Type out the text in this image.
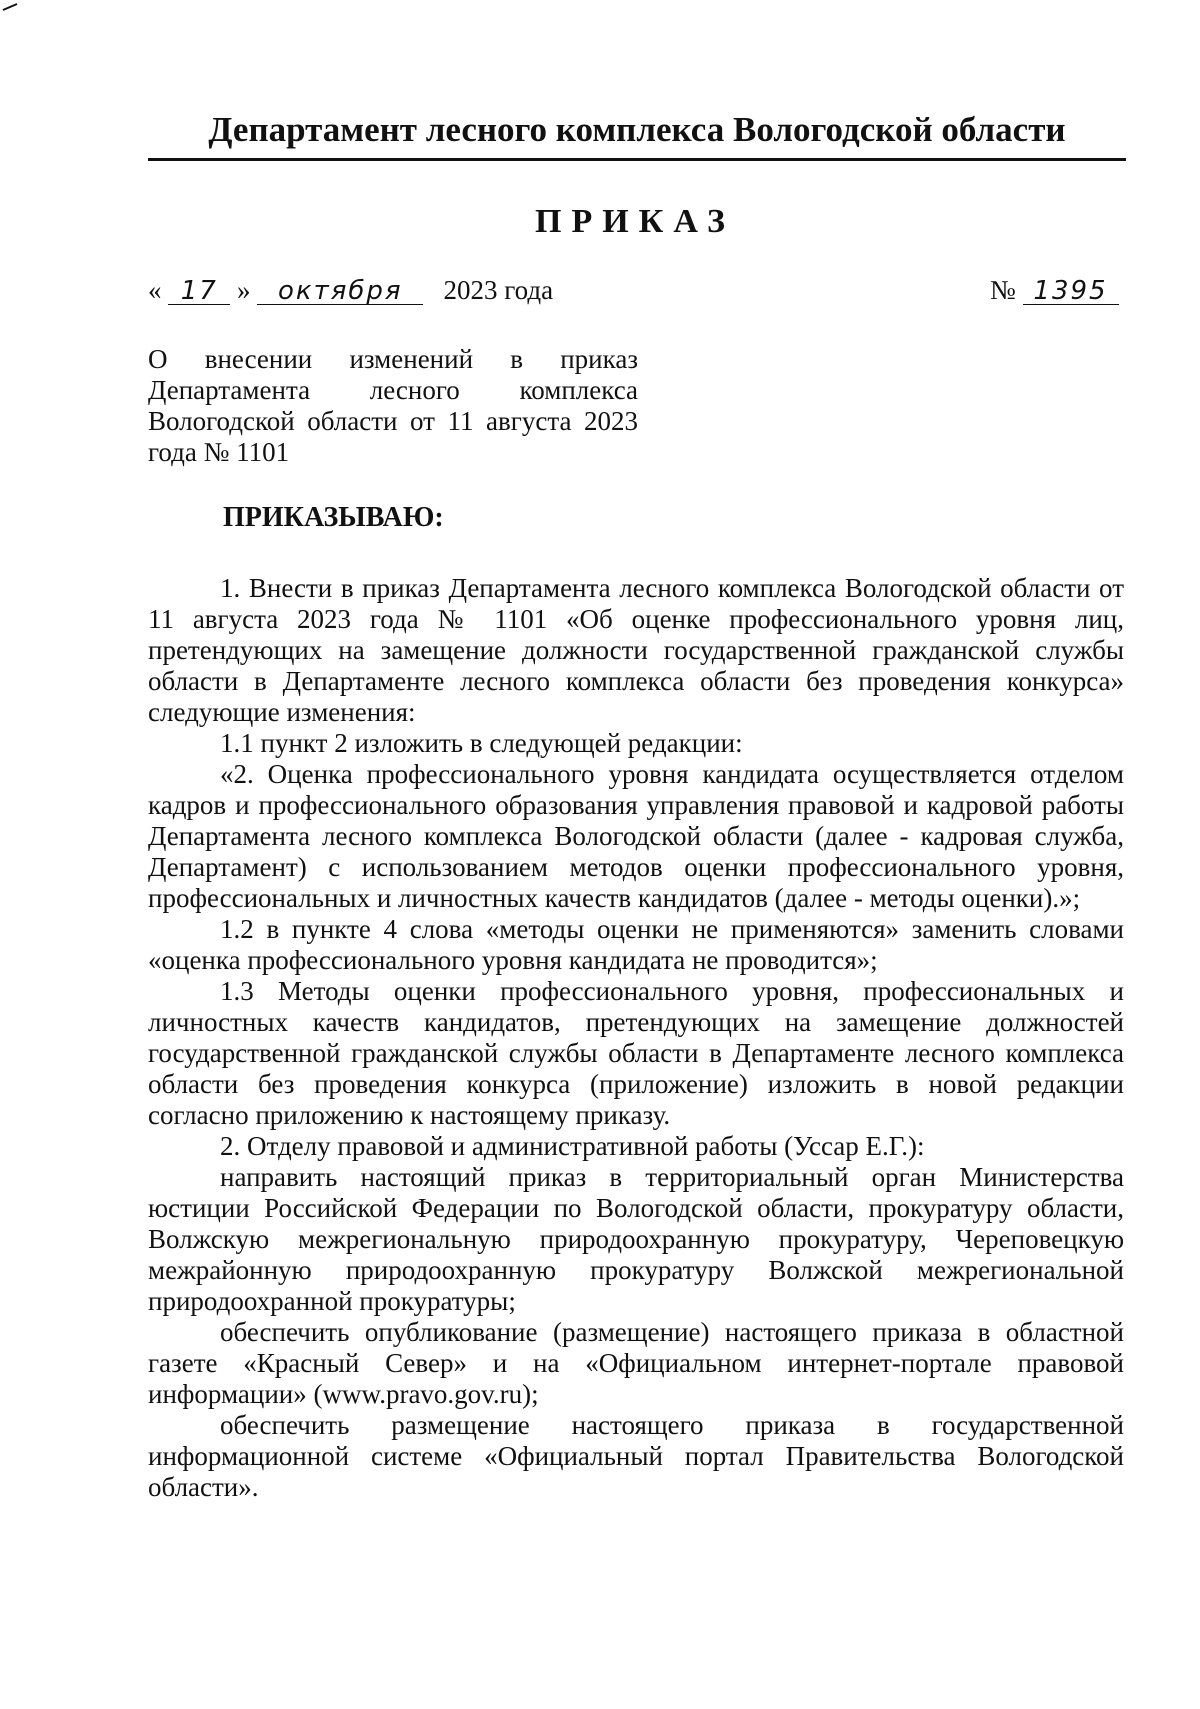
Департамент лесного комплекса Вологодской области
ПРИКАЗ
« 17 » октября 2023 года	№ 1395
О внесении изменений в приказ Департамента лесного комплекса Вологодской области от 11 августа 2023 года № 1101
ПРИКАЗЫВАЮ:

1. Внести в приказ Департамента лесного комплекса Вологодской области от 11 августа 2023 года № 1101 «Об оценке профессионального уровня лиц, претендующих на замещение должности государственной гражданской службы области в Департаменте лесного комплекса области без проведения конкурса» следующие изменения:

1.1 пункт 2 изложить в следующей редакции:

«2. Оценка профессионального уровня кандидата осуществляется отделом кадров и профессионального образования управления правовой и кадровой работы Департамента лесного комплекса Вологодской области (далее - кадровая служба, Департамент) с использованием методов оценки профессионального уровня, профессиональных и личностных качеств кандидатов (далее - методы оценки).»;

1.2 в пункте 4 слова «методы оценки не применяются» заменить словами «оценка профессионального уровня кандидата не проводится»;

1.3 Методы оценки профессионального уровня, профессиональных и личностных качеств кандидатов, претендующих на замещение должностей государственной гражданской службы области в Департаменте лесного комплекса области без проведения конкурса (приложение) изложить в новой редакции согласно приложению к настоящему приказу.

2. Отделу правовой и административной работы (Уссар Е.Г.):

направить настоящий приказ в территориальный орган Министерства юстиции Российской Федерации по Вологодской области, прокуратуру области, Волжскую межрегиональную природоохранную прокуратуру, Череповецкую межрайонную природоохранную прокуратуру Волжской межрегиональной природоохранной прокуратуры;

обеспечить опубликование (размещение) настоящего приказа в областной газете «Красный Север» и на «Официальном интернет-портале правовой информации» (www.pravo.gov.ru);

обеспечить размещение настоящего приказа в государственной информационной системе «Официальный портал Правительства Вологодской области».
